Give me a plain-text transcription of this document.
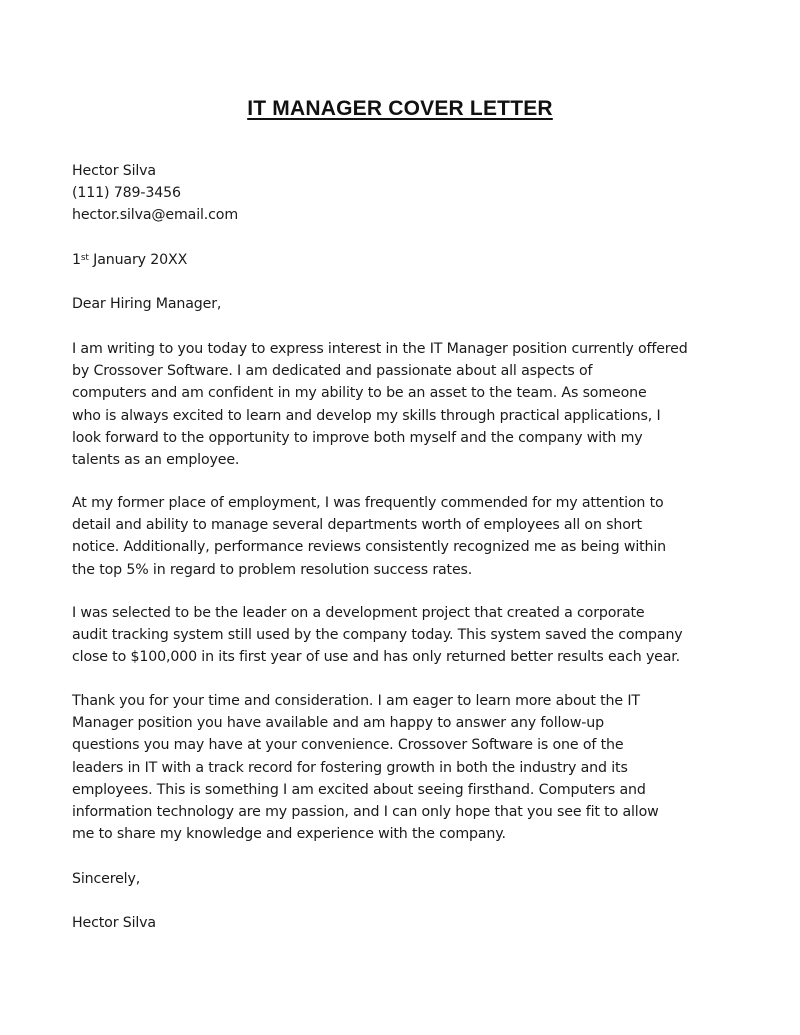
IT MANAGER COVER LETTER
Hector Silva
(111) 789-3456
hector.silva@email.com
1st January 20XX
Dear Hiring Manager,
I am writing to you today to express interest in the IT Manager position currently offered
by Crossover Software. I am dedicated and passionate about all aspects of
computers and am confident in my ability to be an asset to the team. As someone
who is always excited to learn and develop my skills through practical applications, I
look forward to the opportunity to improve both myself and the company with my
talents as an employee.
At my former place of employment, I was frequently commended for my attention to
detail and ability to manage several departments worth of employees all on short
notice. Additionally, performance reviews consistently recognized me as being within
the top 5% in regard to problem resolution success rates.
I was selected to be the leader on a development project that created a corporate
audit tracking system still used by the company today. This system saved the company
close to $100,000 in its first year of use and has only returned better results each year.
Thank you for your time and consideration. I am eager to learn more about the IT
Manager position you have available and am happy to answer any follow-up
questions you may have at your convenience. Crossover Software is one of the
leaders in IT with a track record for fostering growth in both the industry and its
employees. This is something I am excited about seeing firsthand. Computers and
information technology are my passion, and I can only hope that you see fit to allow
me to share my knowledge and experience with the company.
Sincerely,
Hector Silva
